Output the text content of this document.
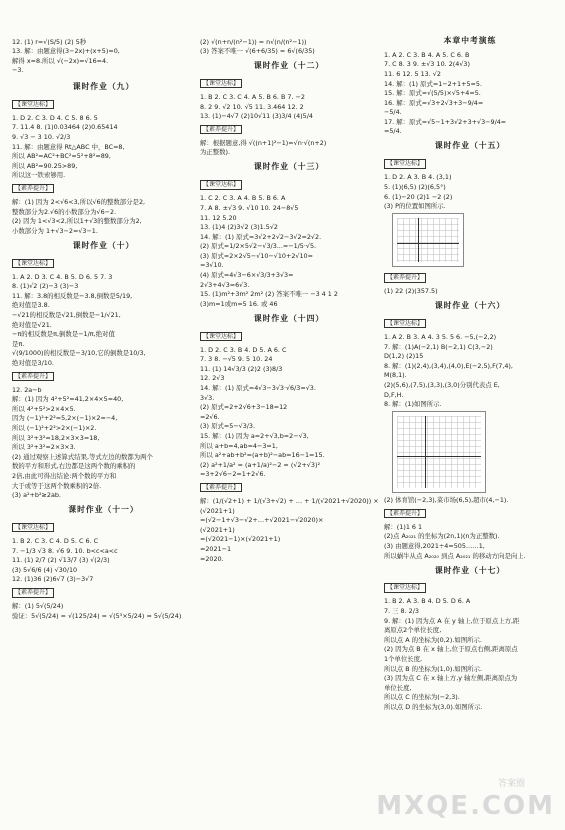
12. (1) r=√(S/5) (2) 5秒
13. 解：由题意得(3−2x)+(x+5)=0,
解得 x=8.所以 √(−2x)=√16=4.
−3.
课时作业（九）
【课堂达标】
1. D 2. C 3. D 4. C 5. 8 6. 5
7. 11.4 8. (1)0.03464 (2)0.65414
9. √3 − 3 10. √2/3
11. 解：由题意得 Rt△ABC 中，BC=8,
所以 AB²=AC²+BC²=5²+8²=89,
所以 AB²=90.25>89,
所以这一铁索够用.
【素养提升】
解：(1) 因为 2<√6<3,所以√6的整数部分是2,
整数部分为2.√6的小数部分为√6−2.
(2) 因为 1<√3<2,所以1+√3的整数部分为2,
小数部分为 1+√3−2=√3−1.
课时作业（十）
【课堂达标】
1. A 2. D 3. C 4. B 5. D 6. 5 7. 3
8. (1)√2 (2)−3 (3)−3
11. 解：3.8的相反数是−3.8,倒数是5/19,
绝对值是3.8.
−√21的相反数是√21,倒数是−1/√21,
绝对值是√21.
−π的相反数是π,倒数是−1/π,绝对值
是π.
√(9/1000)的相反数是−3/10,它的倒数是10/3,
绝对值是3/10.
【素养提升】
12. 2a−b
解：(1) 因为 4²+5²=41,2×4×5=40,
所以 4²+5²>2×4×5.
因为 (−1)²+2²=5,2×(−1)×2=−4,
所以 (−1)²+2²>2×(−1)×2.
所以 3²+3²=18,2×3×3=18,
所以 3²+3²=2×3×3.
(2) 通过观察上述算式结果,等式左边的数都为两个
数的平方和形式,右边都是这两个数的乘积的
2倍,由此可得出结论:两个数的平方和
大于或等于这两个数乘积的2倍.
(3) a²+b²≥2ab.
课时作业（十一）
【课堂达标】
1. B 2. C 3. C 4. D 5. C 6. C
7. −1/3 √3 8. √6 9. 10. b<c<a<c
11. (1) 2/7 (2) √13/7 (3) √(2/3)
(3) 5√6/6 (4) √30/10
12. (1)36 (2)6√7 (3)−3√7
【素养提升】
解：(1) 5√(5/24)
验证：5√(5/24) = √(125/24) = √(5³×5/24) = 5√(5/24)
(2) √(n+n/(n²−1)) = n√(n/(n²−1))
(3) 答案不唯一 √(6+6/35) = 6√(6/35)
课时作业（十二）
【课堂达标】
1. B 2. C 3. C 4. A 5. B 6. B 7. −2
8. 2 9. √2 10. √5 11. 3.464 12. 2
13. (1)−4√7 (2)10√11 (3)3/4 (4)5/4
【素养提升】
解：根据题意,得 √((n+1)²−1)=√n·√(n+2)
为正整数).
课时作业（十三）
【课堂达标】
1. C 2. C 3. A 4. B 5. B 6. A
7. A 8. ±√3 9. √10 10. 24−8√5
11. 12 5.20
13. (1)4 (2)3√2 (3)1.5√2
14. 解：(1) 原式=3√2+2√2−3√2=2√2.
(2) 原式=1/2×5√2−√3/3...=−1/5·√5.
(3) 原式=2×2√5−√10−√10+2√10=
=3√10.
(4) 原式=4√3−6×√3/3+3√3=
2√3+4√3=6√3.
15. (1)m²+3m² 2m² (2) 答案不唯一 −3 4 1 2
(3)m=1或m=5 16. 或 46
课时作业（十四）
【课堂达标】
1. D 2. C 3. B 4. D 5. A 6. C
7. 3 8. −√5 9. 5 10. 24
11. (1) 14√3/3 (2)2 (3)8/3
12. 2√3
14. 解：(1) 原式=4√3−3√3·√6/3=√3.
3√3.
(2) 原式=2+2√6+3−18=12
=2√6.
(3) 原式=5−√3/3.
15. 解：(1) 因为 a=2+√3,b=2−√3,
所以 a+b=4,ab=4−3=1,
所以 a²+ab+b²=(a+b)²−ab=16−1=15.
(2) a²+1/a² = (a+1/a)²−2 = (√2+√3)²
=3+2√6−2=1+2√6.
【素养提升】
解：(1/(√2+1) + 1/(√3+√2) + … + 1/(√2021+√2020)) ×
(√2021+1)
=(√2−1+√3−√2+…+√2021−√2020)×
(√2021+1)
=(√2021−1)×(√2021+1)
=2021−1
=2020.
本章中考演练
1. A 2. C 3. B 4. A 5. C 6. B
7. C 8. 3 9. ±√3 10. 2(4√3)
11. 6 12. 5 13. √2
14. 解：(1) 原式=1−2+1+5=5.
15. 解：原式=√(5/5)×√5+4=5.
16. 解：原式=√3+2√3+3−9/4=
−5/4.
17. 解：原式=√5−1+3√2+3+√3−9/4=
=5/4.
课时作业（十五）
【课堂达标】
1. D 2. A 3. B 4. (3,1)
5. (1)(6,5) (2)(6,5°)
6. (1)−20 (2)1 −2 (2)
(3) P的位置如图所示.
【素养提升】
(1) 22 (2)(357.5)
课时作业（十六）
【课堂达标】
1. A 2. B 3. A 4. 3 5. 5 6. −5,(−2,2)
7. 解：(1)A(−2,1) B(−2,1) C(3,−2)
D(1,2) (2)15
8. 解：(1)(2,4),(3,4),(4,0),E(−2,5),F(7,4),
M(8,1).
(2)(5,6),(7,5),(3,3),(3,0)分别代表点 E,
D,F,H.
8. 解：(1)如图所示.
(2) 体育馆(−2,3),菜市场(6,5),超市(4,−1).
【素养提升】
解：(1)1 6 1
(2)点 A₂₀₂₁ 的坐标为(2n,1)(n为正整数).
(3) 由题意得,2021÷4=505……1,
所以蜗牛从点 A₂₀₂₀ 到点 A₂₀₂₁ 的移动方向是向上.
课时作业（十七）
【课堂达标】
1. B 2. A 3. B 4. D 5. D 6. A
7. 三 8. 2/3
9. 解：(1) 因为点 A 在 y 轴上,位于原点上方,距
离原点2个单位长度,
所以点 A 的坐标为(0,2).如图所示.
(2) 因为点 B 在 x 轴上,位于原点右侧,距离原点
1个单位长度,
所以点 B 的坐标为(1,0).如图所示.
(3) 因为点 C 在 x 轴上方,y 轴左侧,距离原点为
单位长度,
所以点 C 的坐标为(−2,3).
所以点 D 的坐标为(3,0).如图所示.
答案圈
MXQE.COM
